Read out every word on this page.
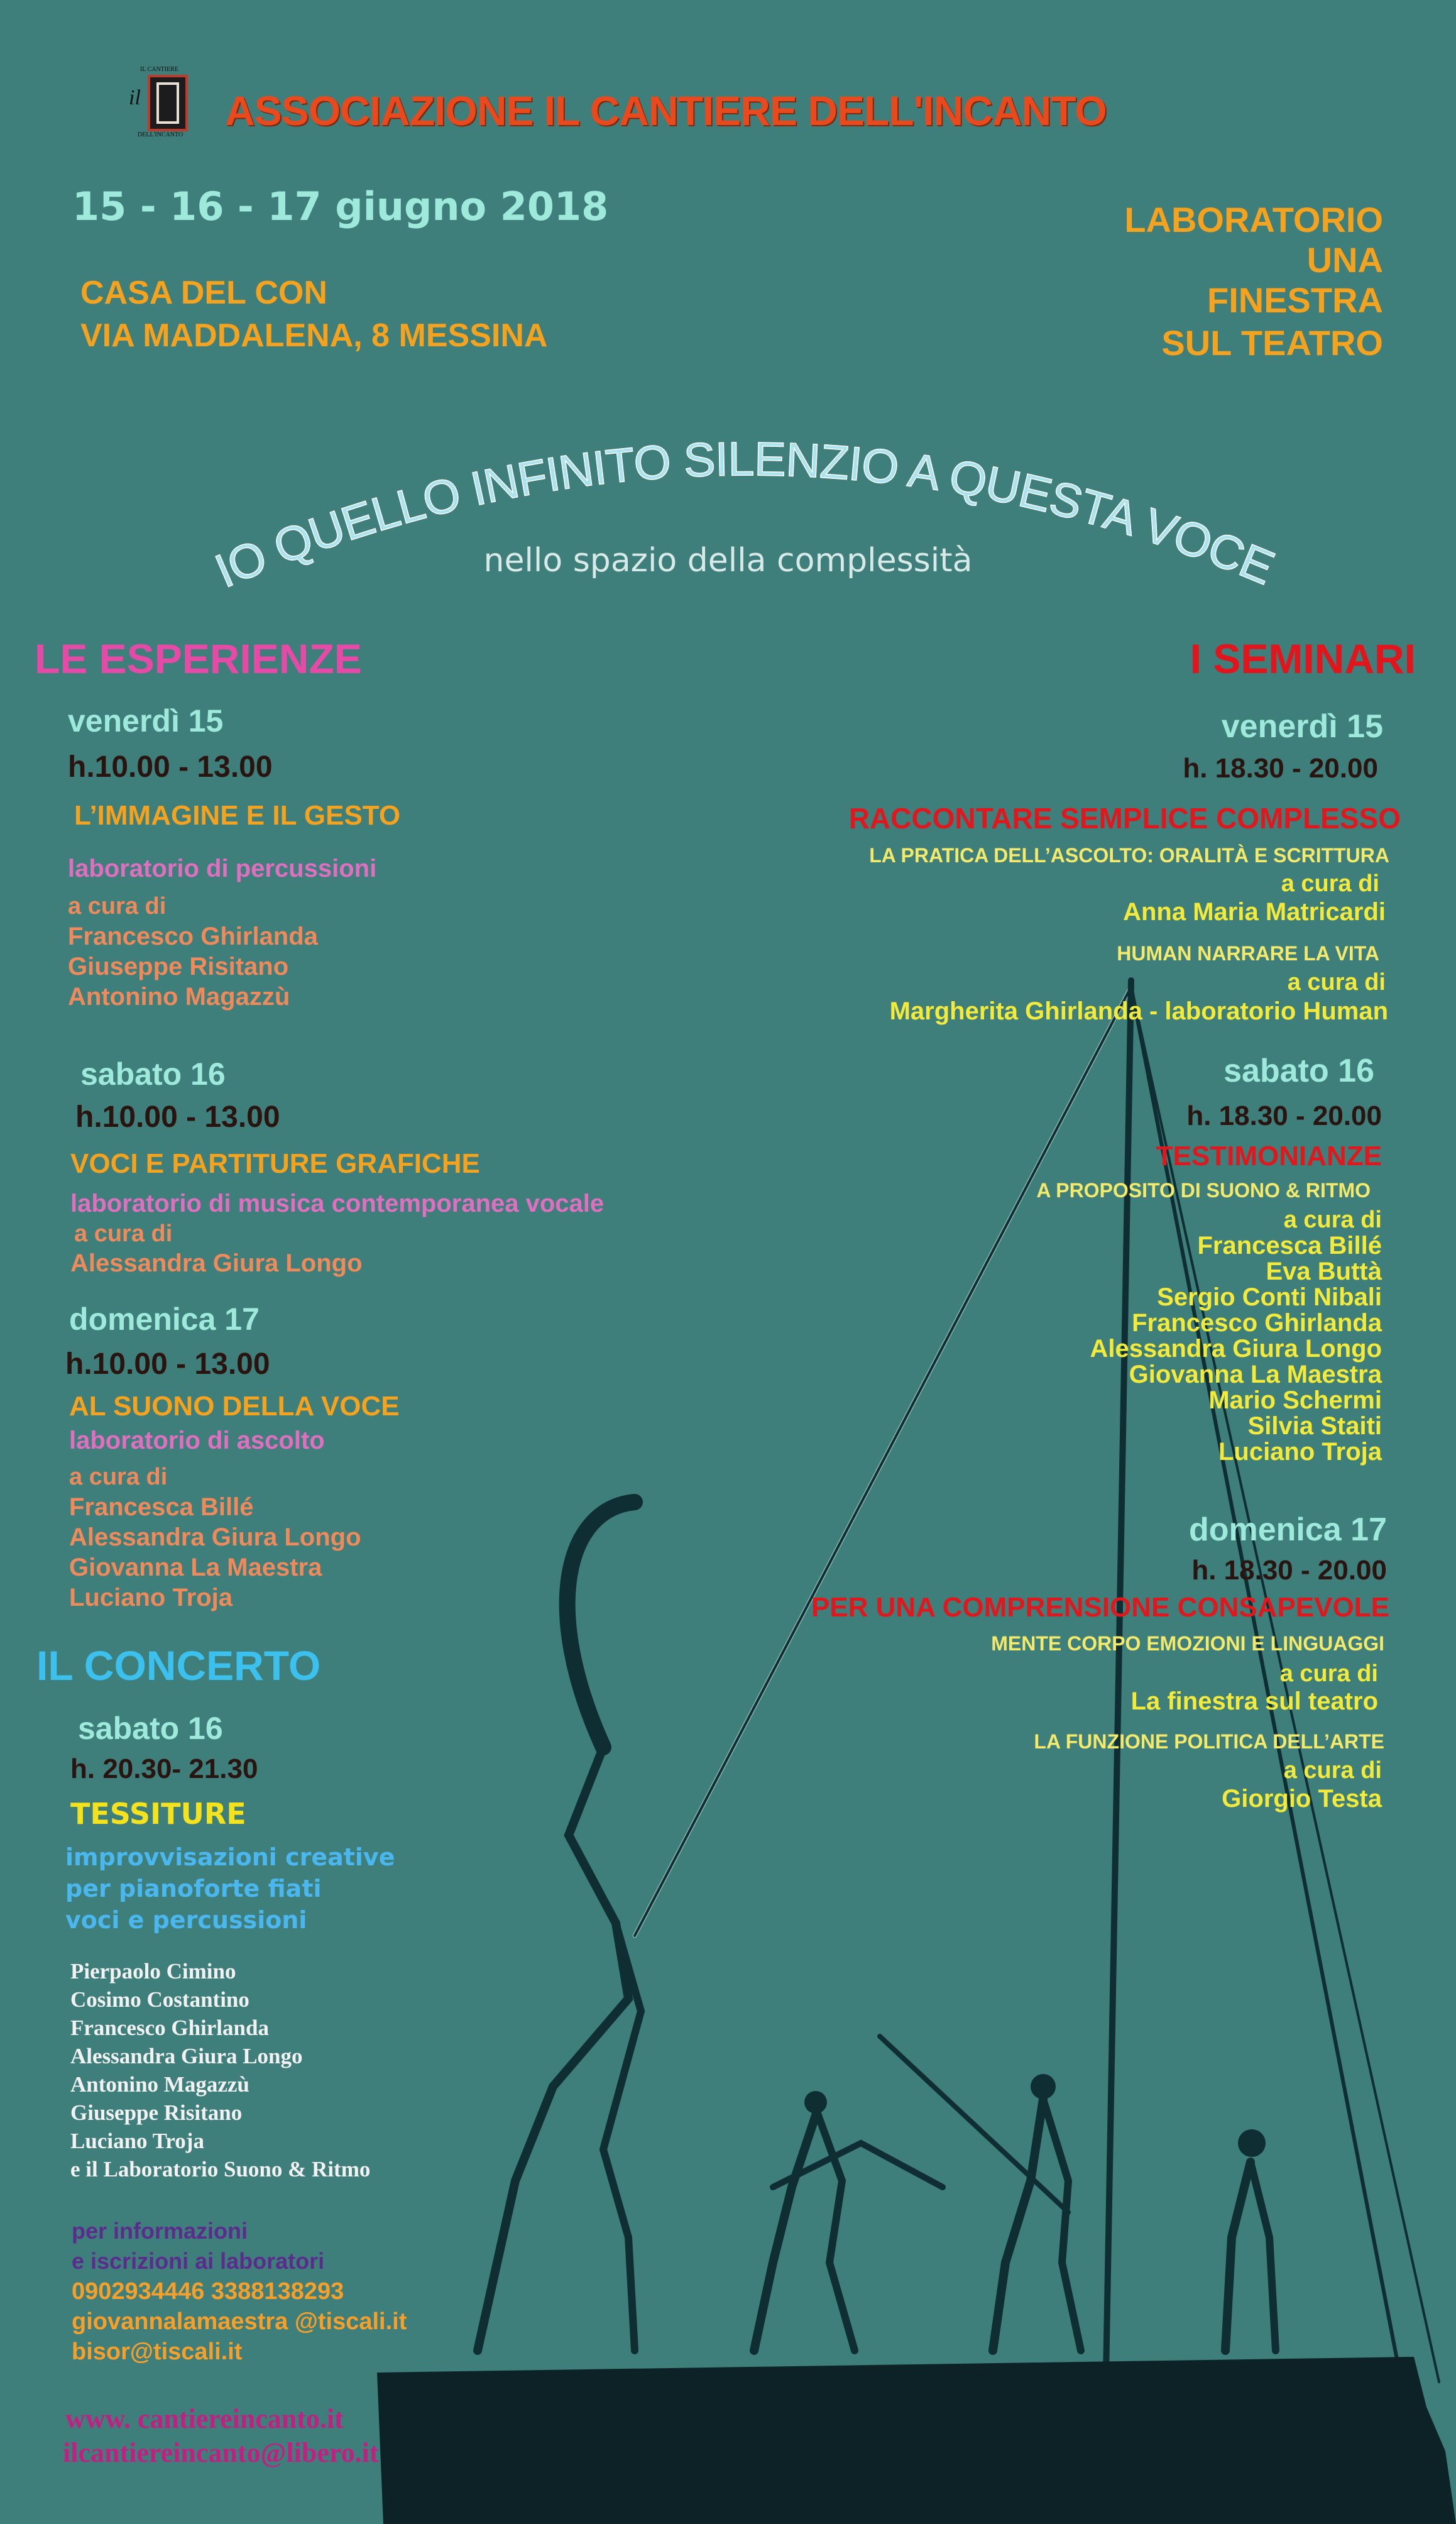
IL CANTIERE
il
DELL'INCANTO
ASSOCIAZIONE IL CANTIERE DELL'INCANTO
15 - 16 - 17 giugno 2018
CASA DEL CON
VIA MADDALENA, 8 MESSINA
LABORATORIO
UNA
FINESTRA
SUL TEATRO
IO QUELLO INFINITO SILENZIO A QUESTA VOCE
nello spazio della complessità
LE ESPERIENZE
venerdì 15
h.10.00 - 13.00
L’IMMAGINE E IL GESTO
laboratorio di percussioni
a cura di
Francesco Ghirlanda
Giuseppe Risitano
Antonino Magazzù
sabato 16
h.10.00 - 13.00
VOCI E PARTITURE GRAFICHE
laboratorio di musica contemporanea vocale
a cura di
Alessandra Giura Longo
domenica 17
h.10.00 - 13.00
AL SUONO DELLA VOCE
laboratorio di ascolto
a cura di
Francesca Billé
Alessandra Giura Longo
Giovanna La Maestra
Luciano Troja
IL CONCERTO
sabato 16
h. 20.30- 21.30
TESSITURE
improvvisazioni creative
per pianoforte fiati
voci e percussioni
Pierpaolo Cimino
Cosimo Costantino
Francesco Ghirlanda
Alessandra Giura Longo
Antonino Magazzù
Giuseppe Risitano
Luciano Troja
e il Laboratorio Suono & Ritmo
per informazioni
e iscrizioni ai laboratori
0902934446 3388138293
giovannalamaestra @tiscali.it
bisor@tiscali.it
www. cantiereincanto.it
ilcantiereincanto@libero.it
I SEMINARI
venerdì 15
h. 18.30 - 20.00
RACCONTARE SEMPLICE COMPLESSO
LA PRATICA DELL’ASCOLTO: ORALITÀ E SCRITTURA
a cura di
Anna Maria Matricardi
HUMAN NARRARE LA VITA
a cura di
Margherita Ghirlanda - laboratorio Human
sabato 16
h. 18.30 - 20.00
TESTIMONIANZE
A PROPOSITO DI SUONO & RITMO
a cura di
Francesca Billé
Eva Buttà
Sergio Conti Nibali
Francesco Ghirlanda
Alessandra Giura Longo
Giovanna La Maestra
Mario Schermi
Silvia Staiti
Luciano Troja
domenica 17
h. 18.30 - 20.00
PER UNA COMPRENSIONE CONSAPEVOLE
MENTE CORPO EMOZIONI E LINGUAGGI
a cura di
La finestra sul teatro
LA FUNZIONE POLITICA DELL’ARTE
a cura di
Giorgio Testa
